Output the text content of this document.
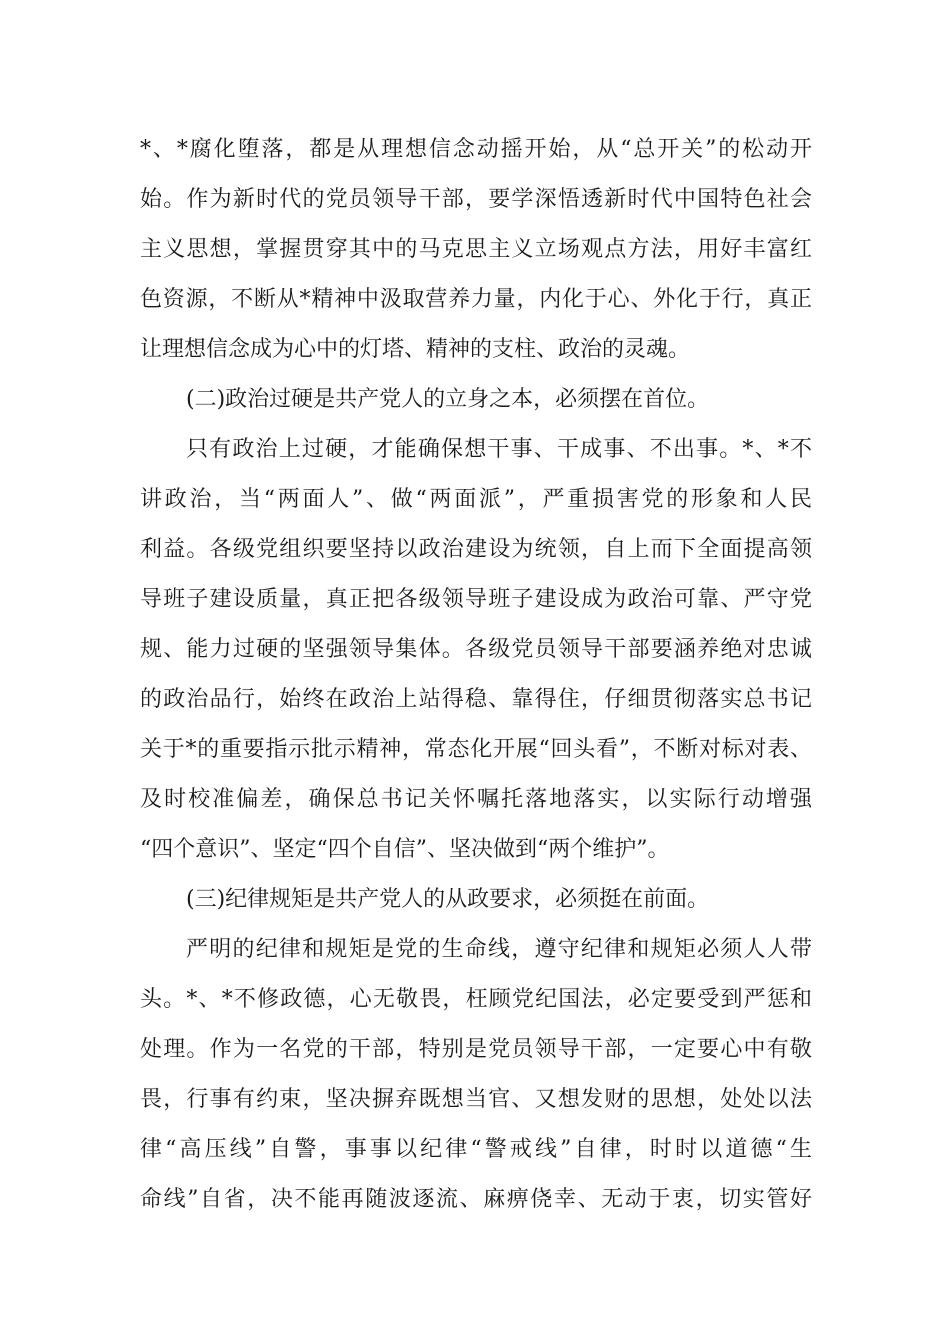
*、*腐化堕落，都是从理想信念动摇开始，从“总开关”的松动开
始。作为新时代的党员领导干部，要学深悟透新时代中国特色社会
主义思想，掌握贯穿其中的马克思主义立场观点方法，用好丰富红
色资源，不断从*精神中汲取营养力量，内化于心、外化于行，真正
让理想信念成为心中的灯塔、精神的支柱、政治的灵魂。
(二)政治过硬是共产党人的立身之本，必须摆在首位。
只有政治上过硬，才能确保想干事、干成事、不出事。*、*不
讲政治，当“两面人”、做“两面派”，严重损害党的形象和人民
利益。各级党组织要坚持以政治建设为统领，自上而下全面提高领
导班子建设质量，真正把各级领导班子建设成为政治可靠、严守党
规、能力过硬的坚强领导集体。各级党员领导干部要涵养绝对忠诚
的政治品行，始终在政治上站得稳、靠得住，仔细贯彻落实总书记
关于*的重要指示批示精神，常态化开展“回头看”，不断对标对表、
及时校准偏差，确保总书记关怀嘱托落地落实，以实际行动增强
“四个意识”、坚定“四个自信”、坚决做到“两个维护”。
(三)纪律规矩是共产党人的从政要求，必须挺在前面。
严明的纪律和规矩是党的生命线，遵守纪律和规矩必须人人带
头。*、*不修政德，心无敬畏，枉顾党纪国法，必定要受到严惩和
处理。作为一名党的干部，特别是党员领导干部，一定要心中有敬
畏，行事有约束，坚决摒弃既想当官、又想发财的思想，处处以法
律“高压线”自警，事事以纪律“警戒线”自律，时时以道德“生
命线”自省，决不能再随波逐流、麻痹侥幸、无动于衷，切实管好
